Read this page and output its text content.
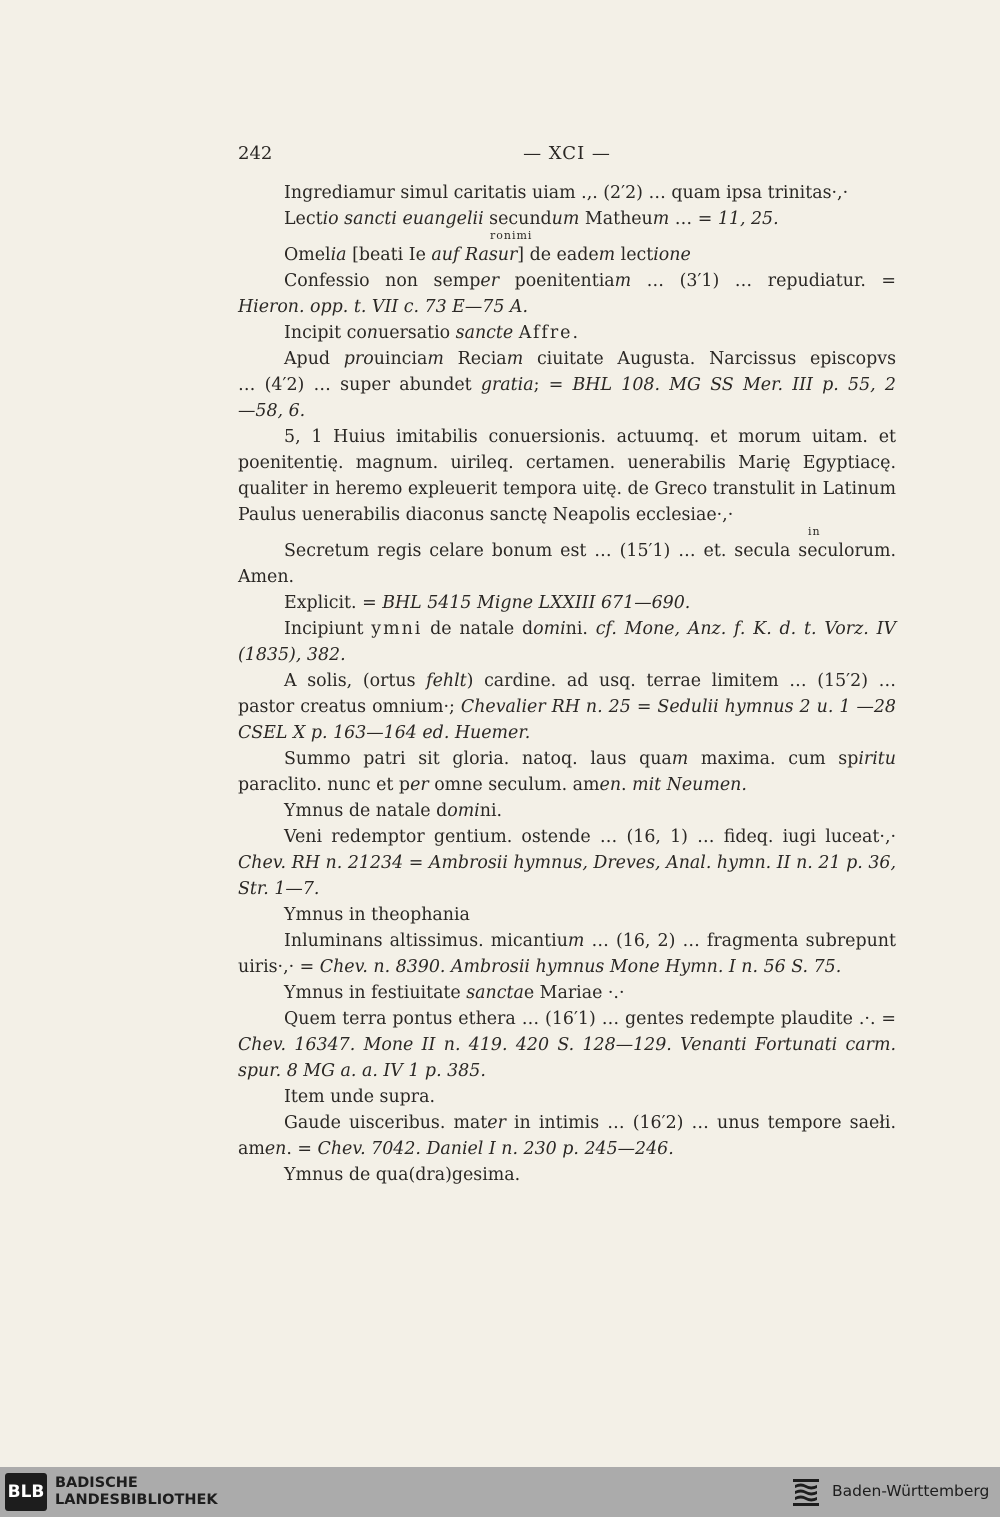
242	— XCI —

Ingrediamur simul caritatis uiam .,. (2′2) … quam ipsa trinitas·,·

Lectio sancti euangelii secundum Matheum … = 11, 25.

ronimi
Omelia [beati Ie auf Rasur] de eadem lectione

Confessio non semper poenitentiam … (3′1) … repudiatur. =

Hieron. opp. t. VII c. 73 E—75 A.

Incipit conuersatio sancte Affre.

Apud prouinciam Reciam ciuitate Augusta. Narcissus episcopvs

… (4′2) … super abundet gratia; = BHL 108. MG SS Mer. III p. 55, 2

—58, 6.

5, 1 Huius imitabilis conuersionis. actuumq. et morum uitam. et poenitentię. magnum. uirileq. certamen. uenerabilis Marię Egyptiacę. qualiter in heremo expleuerit tempora uitę. de Greco transtulit in Latinum Paulus uenerabilis diaconus sanctę Neapolis ecclesiae·,·

in
Secretum regis celare bonum est … (15′1) … et. secula seculorum. Amen.

Explicit. = BHL 5415 Migne LXXIII 671—690.

Incipiunt ymni de natale domini. cf. Mone, Anz. f. K. d. t. Vorz. IV (1835), 382.

A solis, (ortus fehlt) cardine. ad usq. terrae limitem … (15′2) … pastor creatus omnium·; Chevalier RH n. 25 = Sedulii hymnus 2 u. 1 —28 CSEL X p. 163—164 ed. Huemer.

Summo patri sit gloria. natoq. laus quam maxima. cum spiritu paraclito. nunc et per omne seculum. amen. mit Neumen.

Ymnus de natale domini.

Veni redemptor gentium. ostende … (16, 1) … fideq. iugi luceat·,· Chev. RH n. 21234 = Ambrosii hymnus, Dreves, Anal. hymn. II n. 21 p. 36, Str. 1—7.

Ymnus in theophania

Inluminans altissimus. micantium … (16, 2) … fragmenta subrepunt uiris·,· = Chev. n. 8390. Ambrosii hymnus Mone Hymn. I n. 56 S. 75.

Ymnus in festiuitate sanctae Mariae ·.·

Quem terra pontus ethera … (16′1) … gentes redempte plaudite .·. = Chev. 16347. Mone II n. 419. 420 S. 128—129. Venanti Fortunati carm. spur. 8 MG a. a. IV 1 p. 385.

Item unde supra.

Gaude uisceribus. mater in intimis … (16′2) … unus tempore saełi. amen. = Chev. 7042. Daniel I n. 230 p. 245—246.

Ymnus de qua(dra)gesima.

BLB BADISCHE
LANDESBIBLIOTHEK	Baden-Württemberg
